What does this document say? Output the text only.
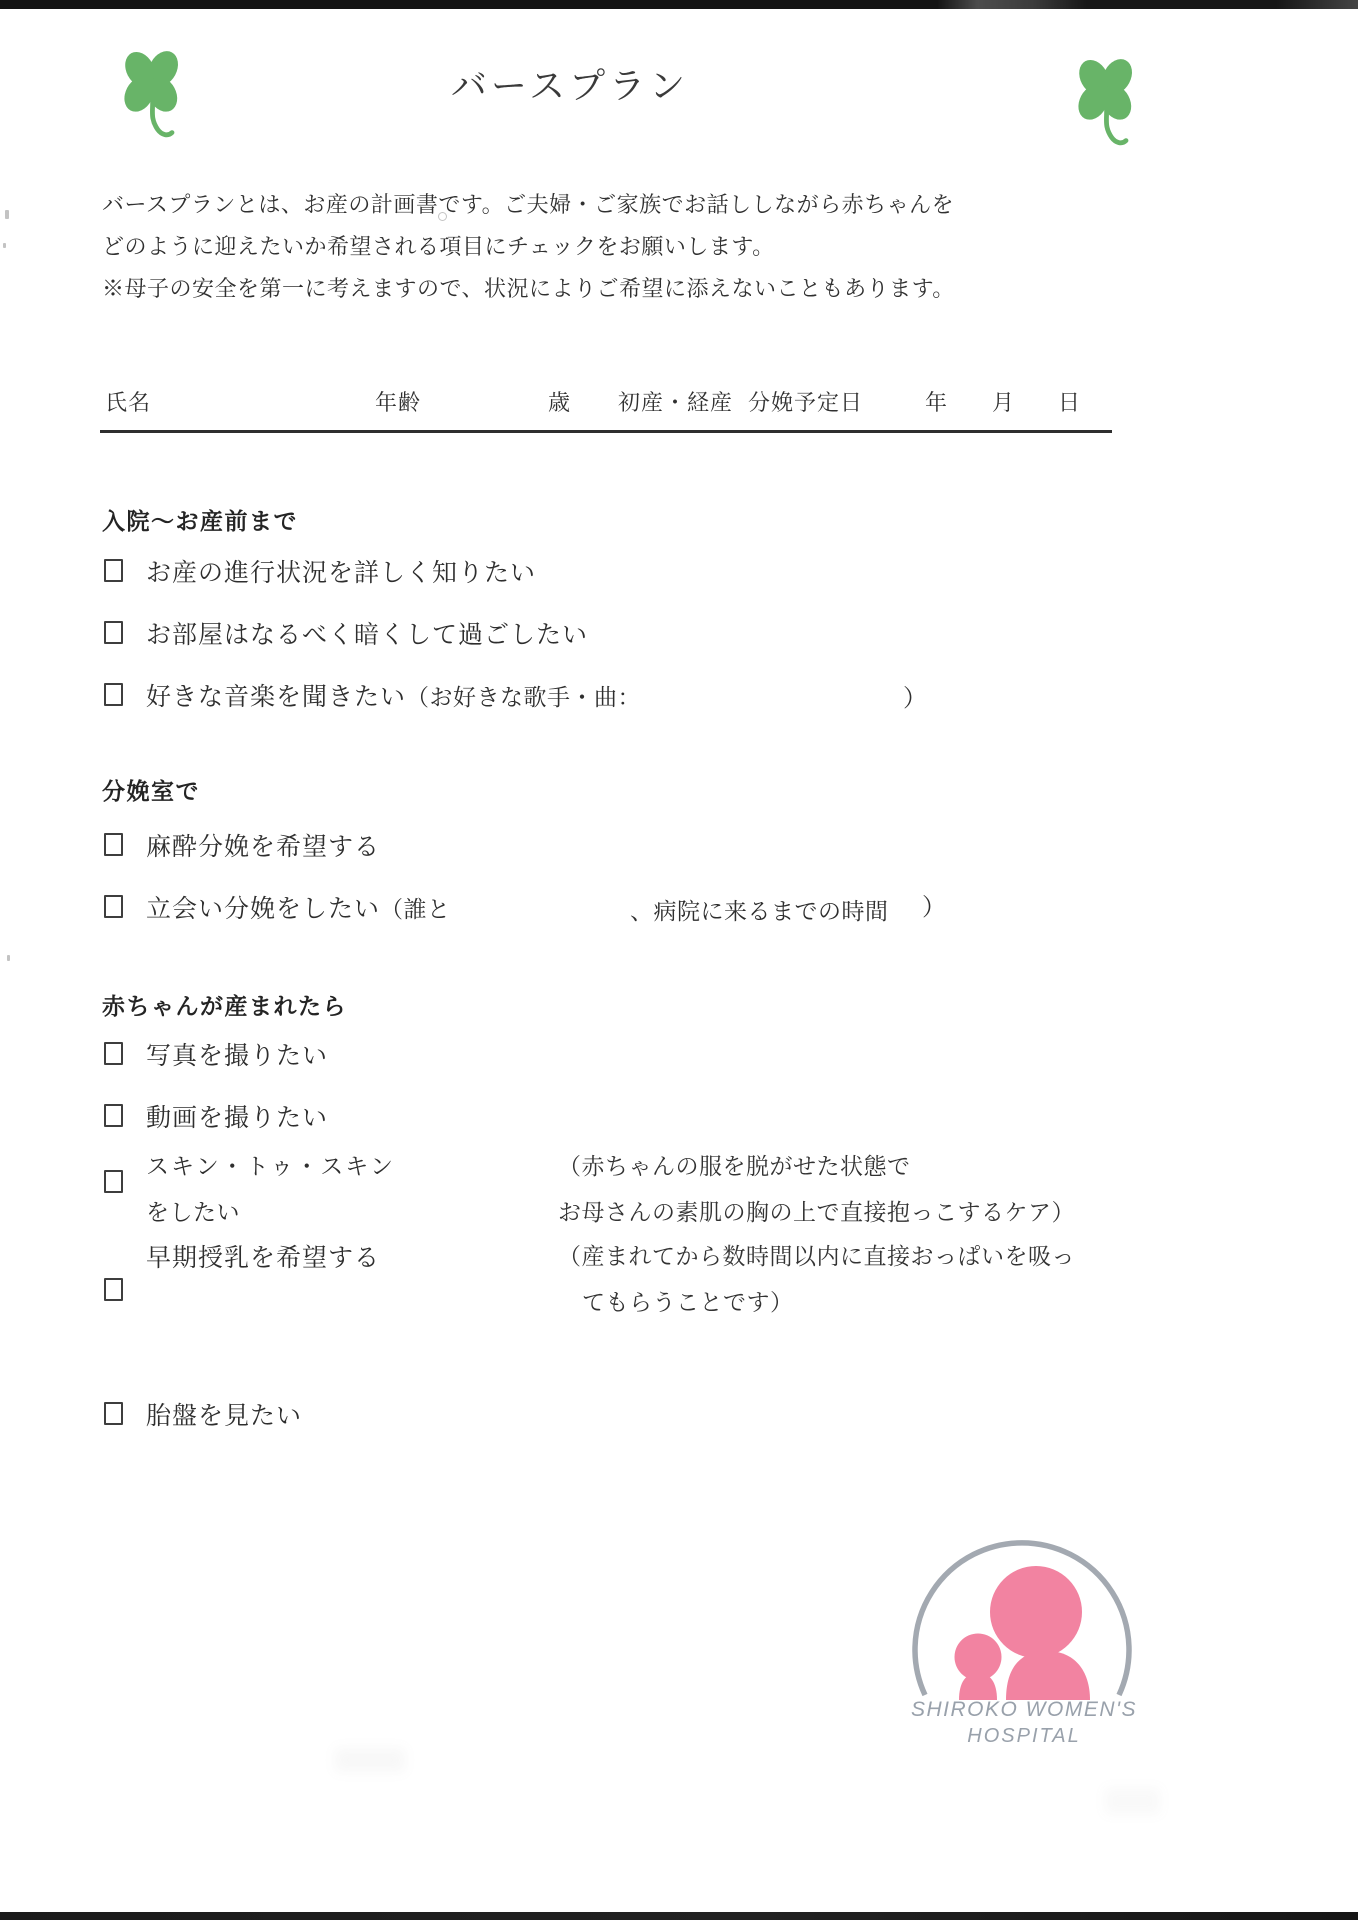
バースプラン
バースプランとは、お産の計画書です。ご夫婦・ご家族でお話ししながら赤ちゃんを
どのように迎えたいか希望される項目にチェックをお願いします。
※母子の安全を第一に考えますので、状況によりご希望に添えないこともあります。
氏名	年齢	歳 初産・経産 分娩予定日	年 月 日
入院～お産前まで
お産の進行状況を詳しく知りたい
お部屋はなるべく暗くして過ごしたい
好きな音楽を聞きたい（お好きな歌手・曲：	）
分娩室で
麻酔分娩を希望する
立会い分娩をしたい（誰と	、病院に来るまでの時間 ）
赤ちゃんが産まれたら
写真を撮りたい
動画を撮りたい
スキン・トゥ・スキン
をしたい
（赤ちゃんの服を脱がせた状態で
お母さんの素肌の胸の上で直接抱っこするケア）
早期授乳を希望する	（産まれてから数時間以内に直接おっぱいを吸っ
てもらうことです）
胎盤を見たい
SHIROKO WOMEN'S
HOSPITAL
